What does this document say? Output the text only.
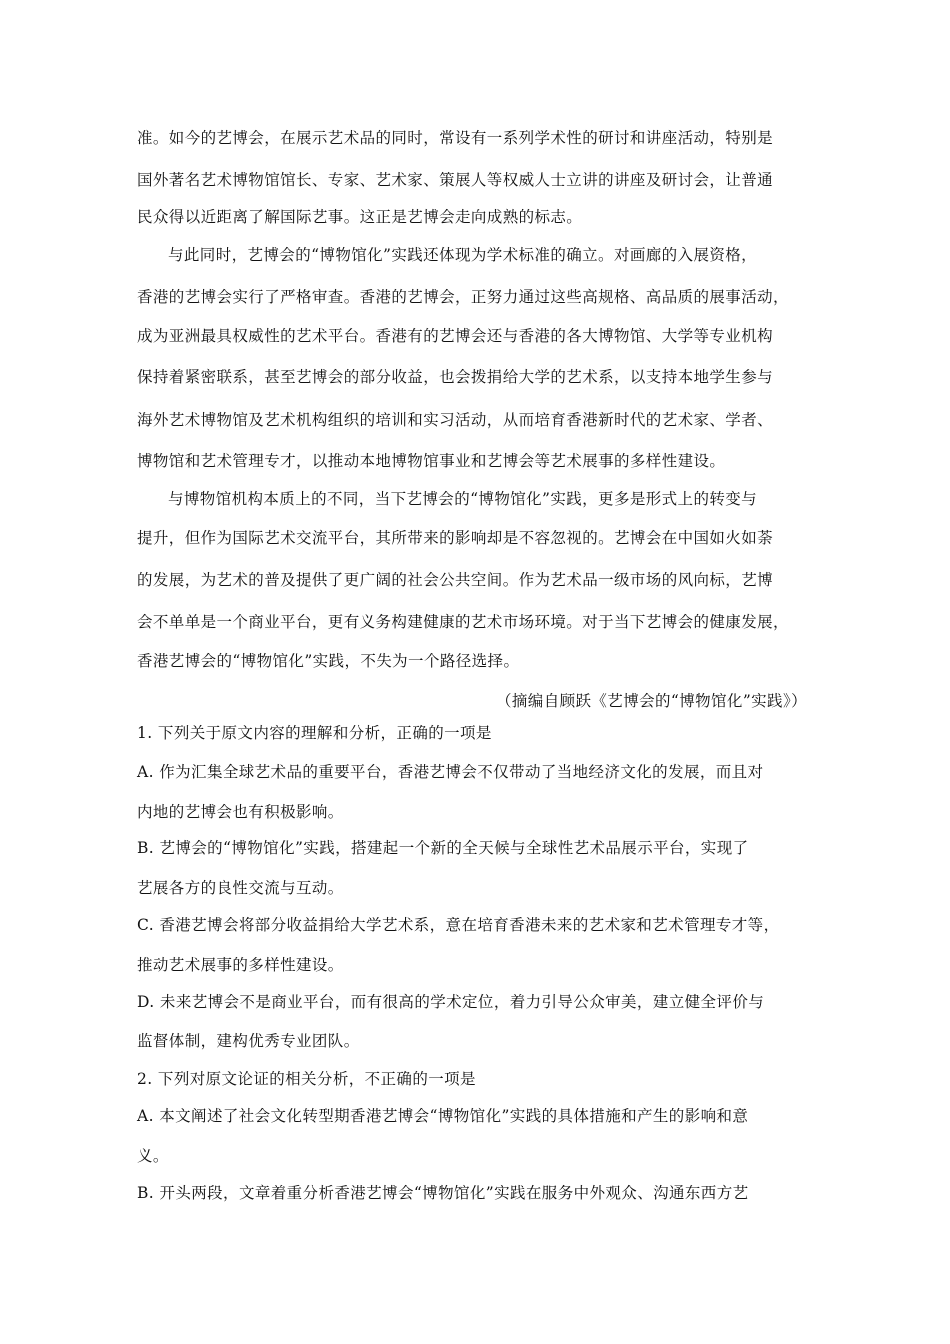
准。如今的艺博会，在展示艺术品的同时，常设有一系列学术性的研讨和讲座活动，特别是
国外著名艺术博物馆馆长、专家、艺术家、策展人等权威人士立讲的讲座及研讨会，让普通
民众得以近距离了解国际艺事。这正是艺博会走向成熟的标志。
与此同时，艺博会的“博物馆化”实践还体现为学术标准的确立。对画廊的入展资格，
香港的艺博会实行了严格审查。香港的艺博会，正努力通过这些高规格、高品质的展事活动，
成为亚洲最具权威性的艺术平台。香港有的艺博会还与香港的各大博物馆、大学等专业机构
保持着紧密联系，甚至艺博会的部分收益，也会拨捐给大学的艺术系，以支持本地学生参与
海外艺术博物馆及艺术机构组织的培训和实习活动，从而培育香港新时代的艺术家、学者、
博物馆和艺术管理专才，以推动本地博物馆事业和艺博会等艺术展事的多样性建设。
与博物馆机构本质上的不同，当下艺博会的“博物馆化”实践，更多是形式上的转变与
提升，但作为国际艺术交流平台，其所带来的影响却是不容忽视的。艺博会在中国如火如荼
的发展，为艺术的普及提供了更广阔的社会公共空间。作为艺术品一级市场的风向标，艺博
会不单单是一个商业平台，更有义务构建健康的艺术市场环境。对于当下艺博会的健康发展，
香港艺博会的“博物馆化”实践，不失为一个路径选择。
（摘编自顾跃《艺博会的“博物馆化”实践》）
1. 下列关于原文内容的理解和分析，正确的一项是
A. 作为汇集全球艺术品的重要平台，香港艺博会不仅带动了当地经济文化的发展，而且对
内地的艺博会也有积极影响。
B. 艺博会的“博物馆化”实践，搭建起一个新的全天候与全球性艺术品展示平台，实现了
艺展各方的良性交流与互动。
C. 香港艺博会将部分收益捐给大学艺术系，意在培育香港未来的艺术家和艺术管理专才等，
推动艺术展事的多样性建设。
D. 未来艺博会不是商业平台，而有很高的学术定位，着力引导公众审美，建立健全评价与
监督体制，建构优秀专业团队。
2. 下列对原文论证的相关分析，不正确的一项是
A. 本文阐述了社会文化转型期香港艺博会“博物馆化”实践的具体措施和产生的影响和意
义。
B. 开头两段，文章着重分析香港艺博会“博物馆化”实践在服务中外观众、沟通东西方艺
